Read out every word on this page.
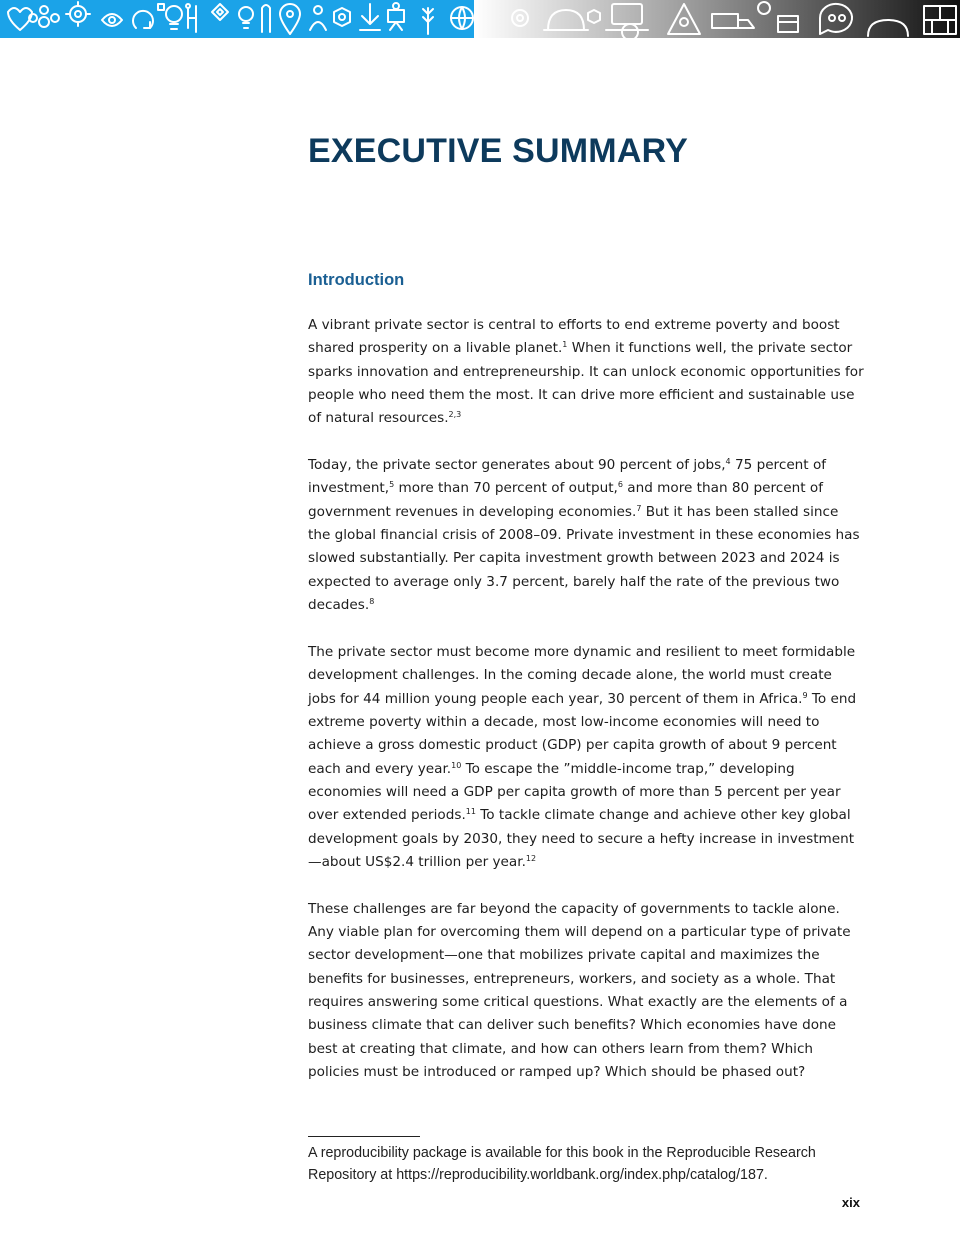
EXECUTIVE SUMMARY
Introduction

A vibrant private sector is central to efforts to end extreme poverty and boost shared prosperity on a livable planet.$^1$ When it functions well, the private sector sparks innovation and entrepreneurship. It can unlock economic opportunities for people who need them the most. It can drive more efficient and sustainable use of natural resources.$^{2,3}$

Today, the private sector generates about 90 percent of jobs,$^4$ 75 percent of investment,$^5$ more than 70 percent of output,$^6$ and more than 80 percent of government revenues in developing economies.$^7$ But it has been stalled since the global financial crisis of 2008–09. Private investment in these economies has slowed substantially. Per capita investment growth between 2023 and 2024 is expected to average only 3.7 percent, barely half the rate of the previous two decades.$^8$

The private sector must become more dynamic and resilient to meet formidable development challenges. In the coming decade alone, the world must create jobs for 44 million young people each year, 30 percent of them in Africa.$^9$ To end extreme poverty within a decade, most low-income economies will need to achieve a gross domestic product (GDP) per capita growth of about 9 percent each and every year.$^{10}$ To escape the ”middle-income trap,” developing economies will need a GDP per capita growth of more than 5 percent per year over extended periods.$^{11}$ To tackle climate change and achieve other key global development goals by 2030, they need to secure a hefty increase in investment—about US$2.4 trillion per year.$^{12}$

These challenges are far beyond the capacity of governments to tackle alone. Any viable plan for overcoming them will depend on a particular type of private sector development—one that mobilizes private capital and maximizes the benefits for businesses, entrepreneurs, workers, and society as a whole. That requires answering some critical questions. What exactly are the elements of a business climate that can deliver such benefits? Which economies have done best at creating that climate, and how can others learn from them? Which policies must be introduced or ramped up? Which should be phased out?

A reproducibility package is available for this book in the Reproducible Research Repository at https://reproducibility.worldbank.org/index.php/catalog/187.

xix
